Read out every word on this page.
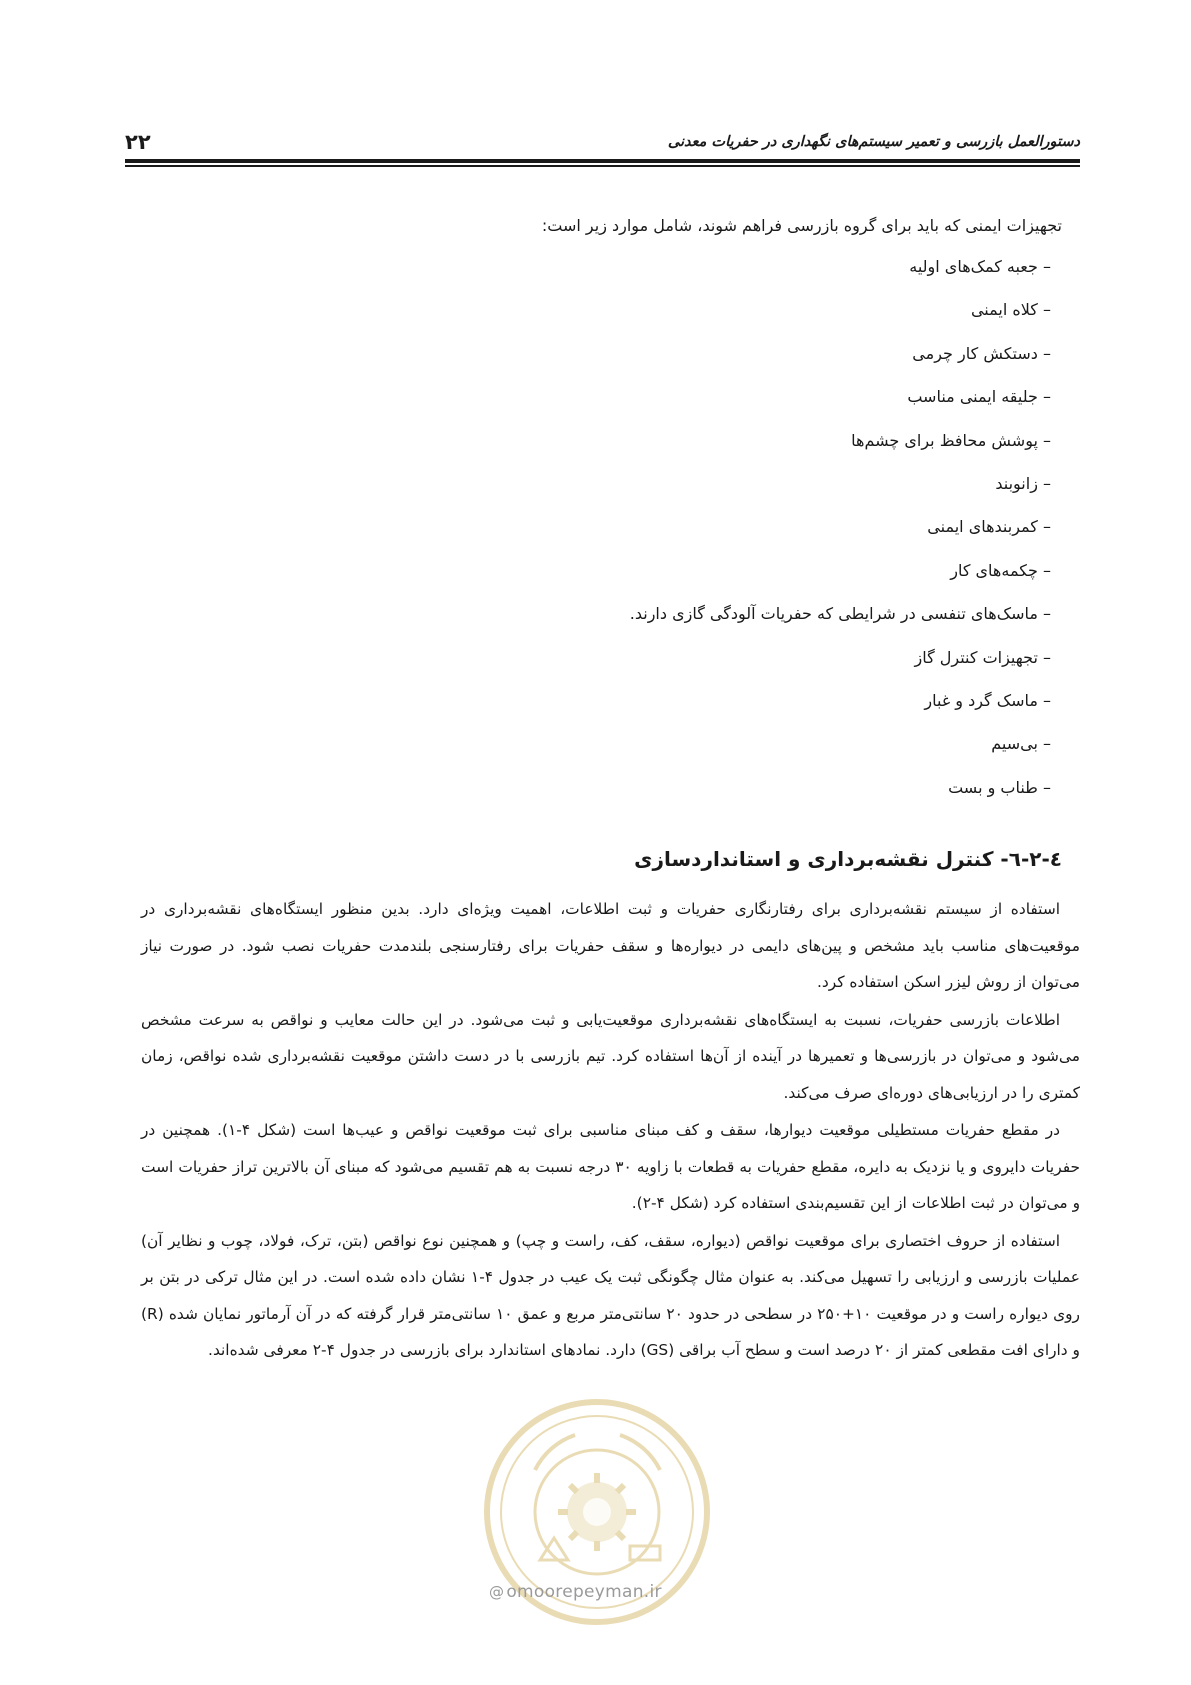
۲۲	دستورالعمل بازرسی و تعمیر سیستم‌های نگهداری در حفریات معدنی
تجهیزات ایمنی که باید برای گروه بازرسی فراهم شوند، شامل موارد زیر است:
– جعبه کمک‌های اولیه
– کلاه ایمنی
– دستکش کار چرمی
– جلیقه ایمنی مناسب
– پوشش محافظ برای چشم‌ها
– زانوبند
– کمربندهای ایمنی
– چکمه‌های کار
– ماسک‌های تنفسی در شرایطی که حفریات آلودگی گازی دارند.
– تجهیزات کنترل گاز
– ماسک گرد و غبار
– بی‌سیم
– طناب و بست
٤-۲-٦- کنترل نقشه‌برداری و استانداردسازی

استفاده از سیستم نقشه‌برداری برای رفتارنگاری حفریات و ثبت اطلاعات، اهمیت ویژه‌ای دارد. بدین منظور ایستگاه‌های نقشه‌برداری در موقعیت‌های مناسب باید مشخص و پین‌های دایمی در دیواره‌ها و سقف حفریات برای رفتارسنجی بلندمدت حفریات نصب شود. در صورت نیاز می‌توان از روش لیزر اسکن استفاده کرد.

اطلاعات بازرسی حفریات، نسبت به ایستگاه‌های نقشه‌برداری موقعیت‌یابی و ثبت می‌شود. در این حالت معایب و نواقص به سرعت مشخص می‌شود و می‌توان در بازرسی‌ها و تعمیرها در آینده از آن‌ها استفاده کرد. تیم بازرسی با در دست داشتن موقعیت نقشه‌برداری شده نواقص، زمان کمتری را در ارزیابی‌های دوره‌ای صرف می‌کند.

در مقطع حفریات مستطیلی موقعیت دیوارها، سقف و کف مبنای مناسبی برای ثبت موقعیت نواقص و عیب‌ها است (شکل ۴-۱). همچنین در حفریات دایروی و یا نزدیک به دایره، مقطع حفریات به قطعات با زاویه ۳۰ درجه نسبت به هم تقسیم می‌شود که مبنای آن بالاترین تراز حفریات است و می‌توان در ثبت اطلاعات از این تقسیم‌بندی استفاده کرد (شکل ۴-۲).

استفاده از حروف اختصاری برای موقعیت نواقص (دیواره، سقف، کف، راست و چپ) و همچنین نوع نواقص (بتن، ترک، فولاد، چوب و نظایر آن) عملیات بازرسی و ارزیابی را تسهیل می‌کند. به عنوان مثال چگونگی ثبت یک عیب در جدول ۴-۱ نشان داده شده است. در این مثال ترکی در بتن بر روی دیواره راست و در موقعیت ۱۰+۲۵۰ در سطحی در حدود ۲۰ سانتی‌متر مربع و عمق ۱۰ سانتی‌متر قرار گرفته که در آن آرماتور نمایان شده (R) و دارای افت مقطعی کمتر از ۲۰ درصد است و سطح آب براقی (GS) دارد. نمادهای استاندارد برای بازرسی در جدول ۴-۲ معرفی شده‌اند.

@ omoorepeyman.ir
